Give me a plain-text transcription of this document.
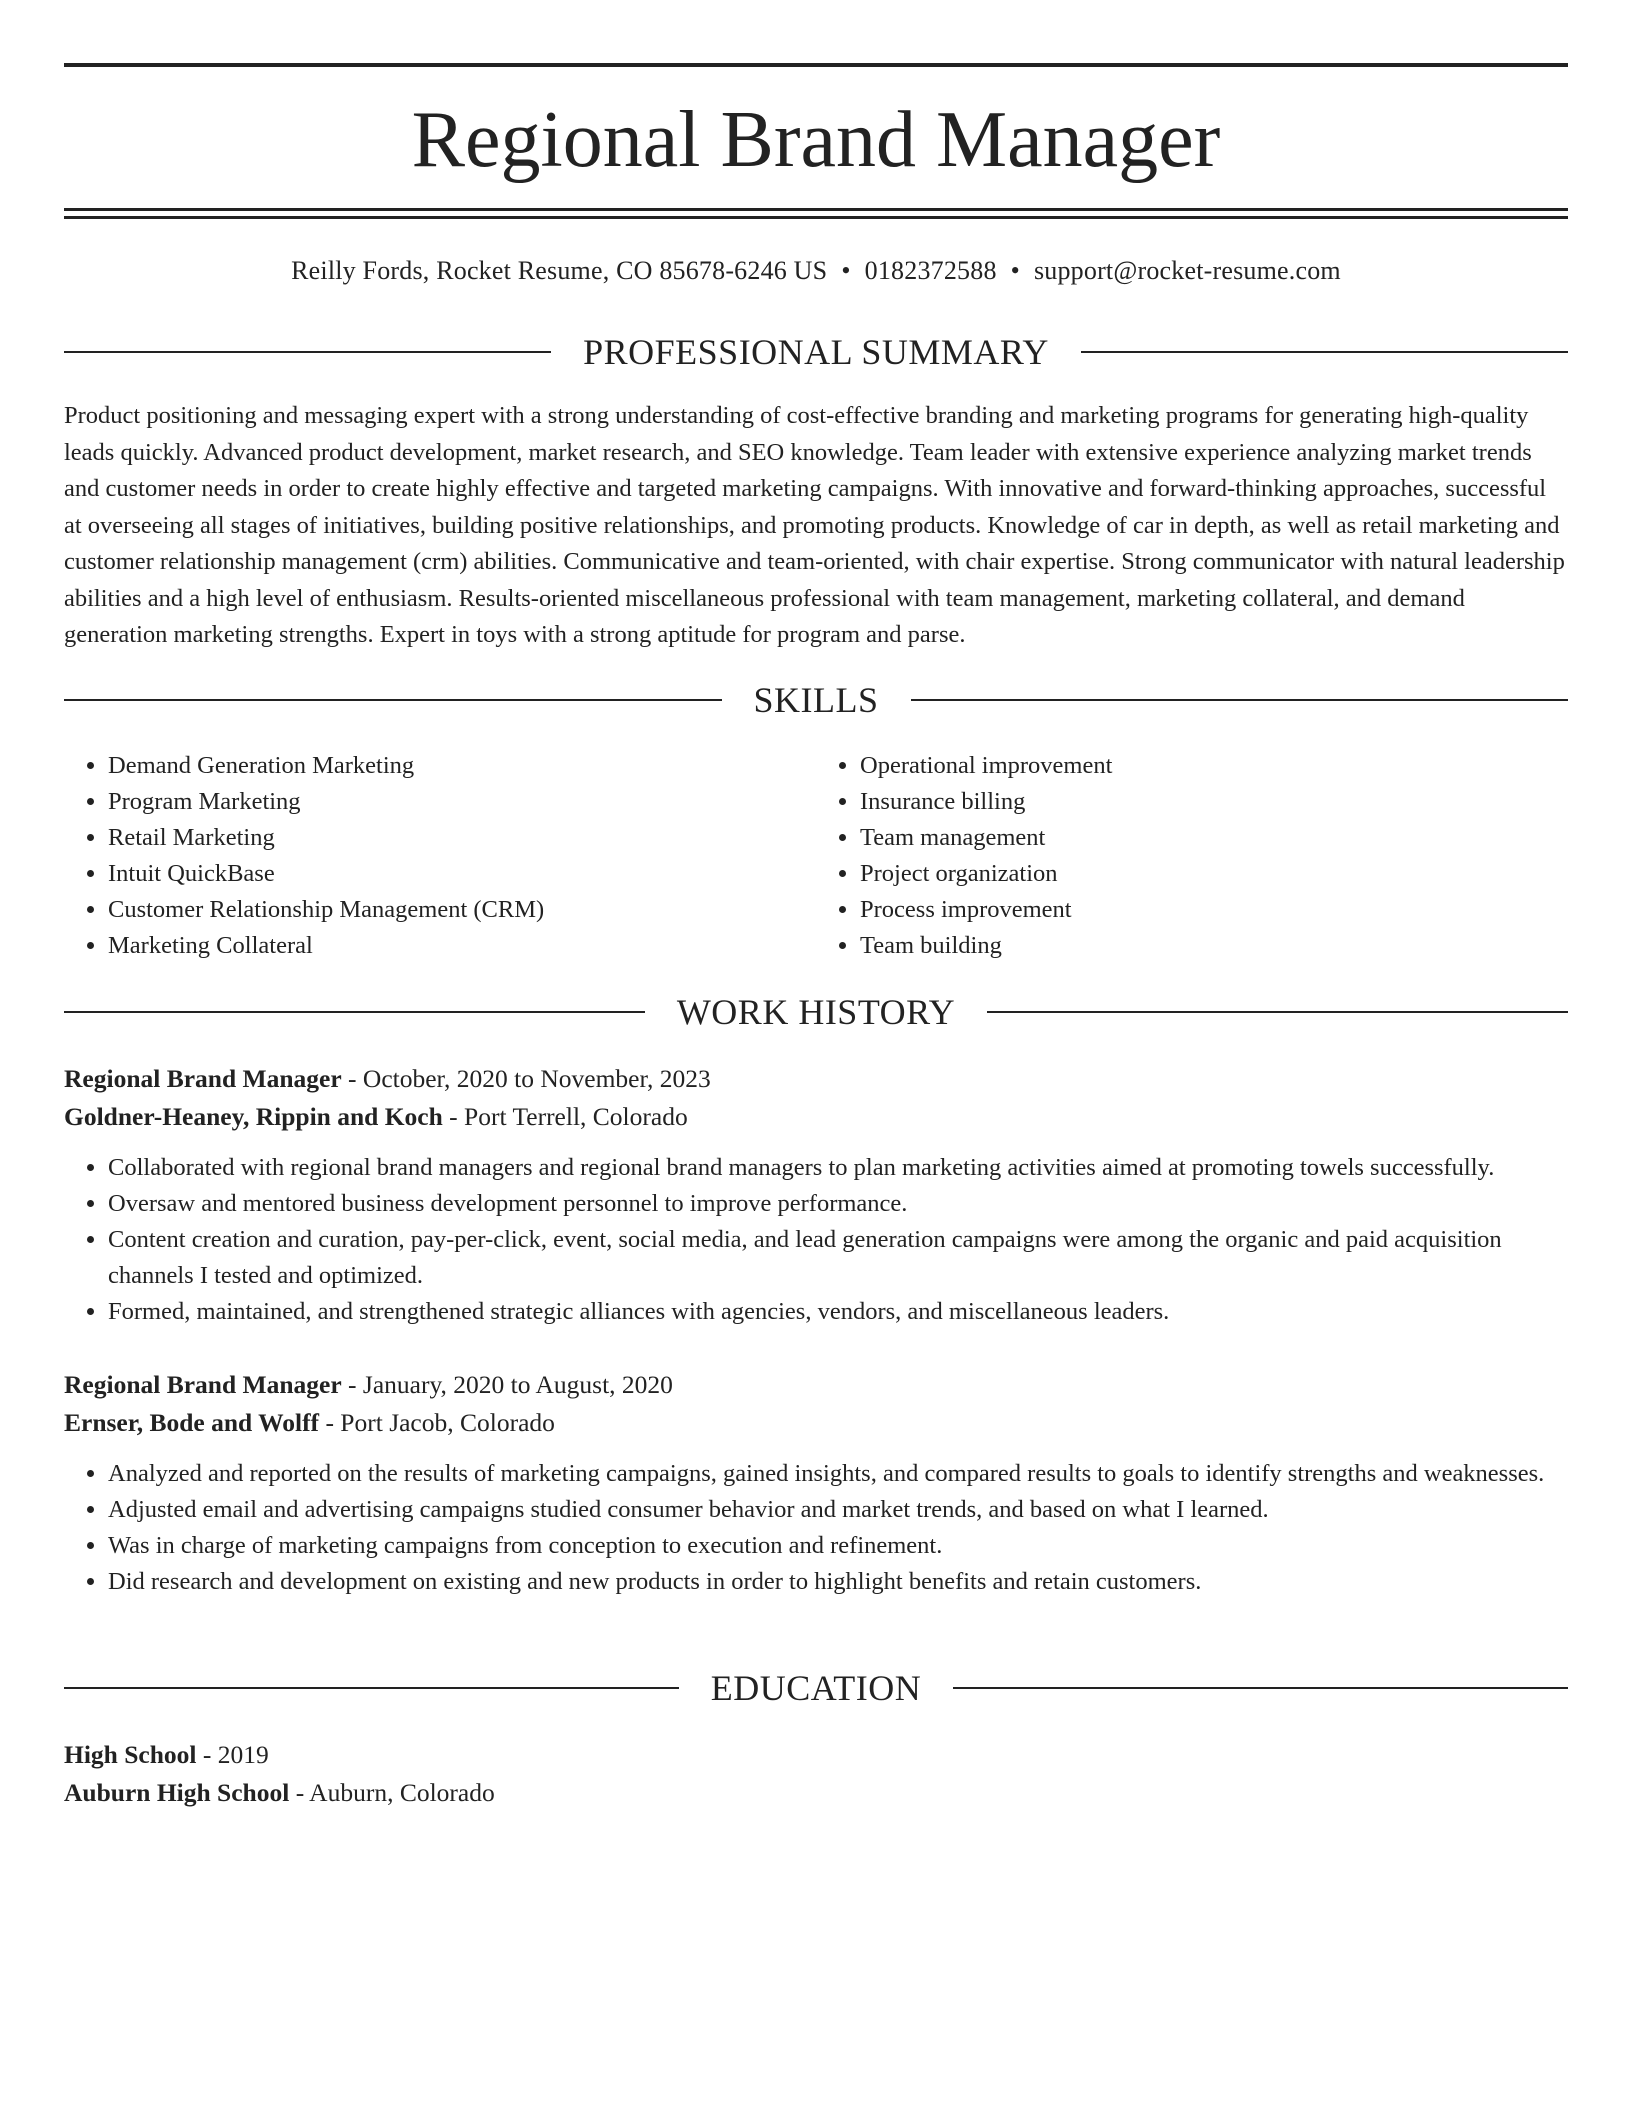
Regional Brand Manager
Reilly Fords, Rocket Resume, CO 85678-6246 US • 0182372588 • support@rocket-resume.com
PROFESSIONAL SUMMARY

Product positioning and messaging expert with a strong understanding of cost-effective branding and marketing programs for generating high-quality leads quickly. Advanced product development, market research, and SEO knowledge. Team leader with extensive experience analyzing market trends and customer needs in order to create highly effective and targeted marketing campaigns. With innovative and forward-thinking approaches, successful at overseeing all stages of initiatives, building positive relationships, and promoting products. Knowledge of car in depth, as well as retail marketing and customer relationship management (crm) abilities. Communicative and team-oriented, with chair expertise. Strong communicator with natural leadership abilities and a high level of enthusiasm. Results-oriented miscellaneous professional with team management, marketing collateral, and demand generation marketing strengths. Expert in toys with a strong aptitude for program and parse.

SKILLS
• Demand Generation Marketing
• Program Marketing
• Retail Marketing
• Intuit QuickBase
• Customer Relationship Management (CRM)
• Marketing Collateral
• Operational improvement
• Insurance billing
• Team management
• Project organization
• Process improvement
• Team building
WORK HISTORY
Regional Brand Manager - October, 2020 to November, 2023
Goldner-Heaney, Rippin and Koch - Port Terrell, Colorado
• Collaborated with regional brand managers and regional brand managers to plan marketing activities aimed at promoting towels successfully.
• Oversaw and mentored business development personnel to improve performance.
• Content creation and curation, pay-per-click, event, social media, and lead generation campaigns were among the organic and paid acquisition channels I tested and optimized.
• Formed, maintained, and strengthened strategic alliances with agencies, vendors, and miscellaneous leaders.
Regional Brand Manager - January, 2020 to August, 2020
Ernser, Bode and Wolff - Port Jacob, Colorado
• Analyzed and reported on the results of marketing campaigns, gained insights, and compared results to goals to identify strengths and weaknesses.
• Adjusted email and advertising campaigns studied consumer behavior and market trends, and based on what I learned.
• Was in charge of marketing campaigns from conception to execution and refinement.
• Did research and development on existing and new products in order to highlight benefits and retain customers.
EDUCATION
High School - 2019
Auburn High School - Auburn, Colorado
